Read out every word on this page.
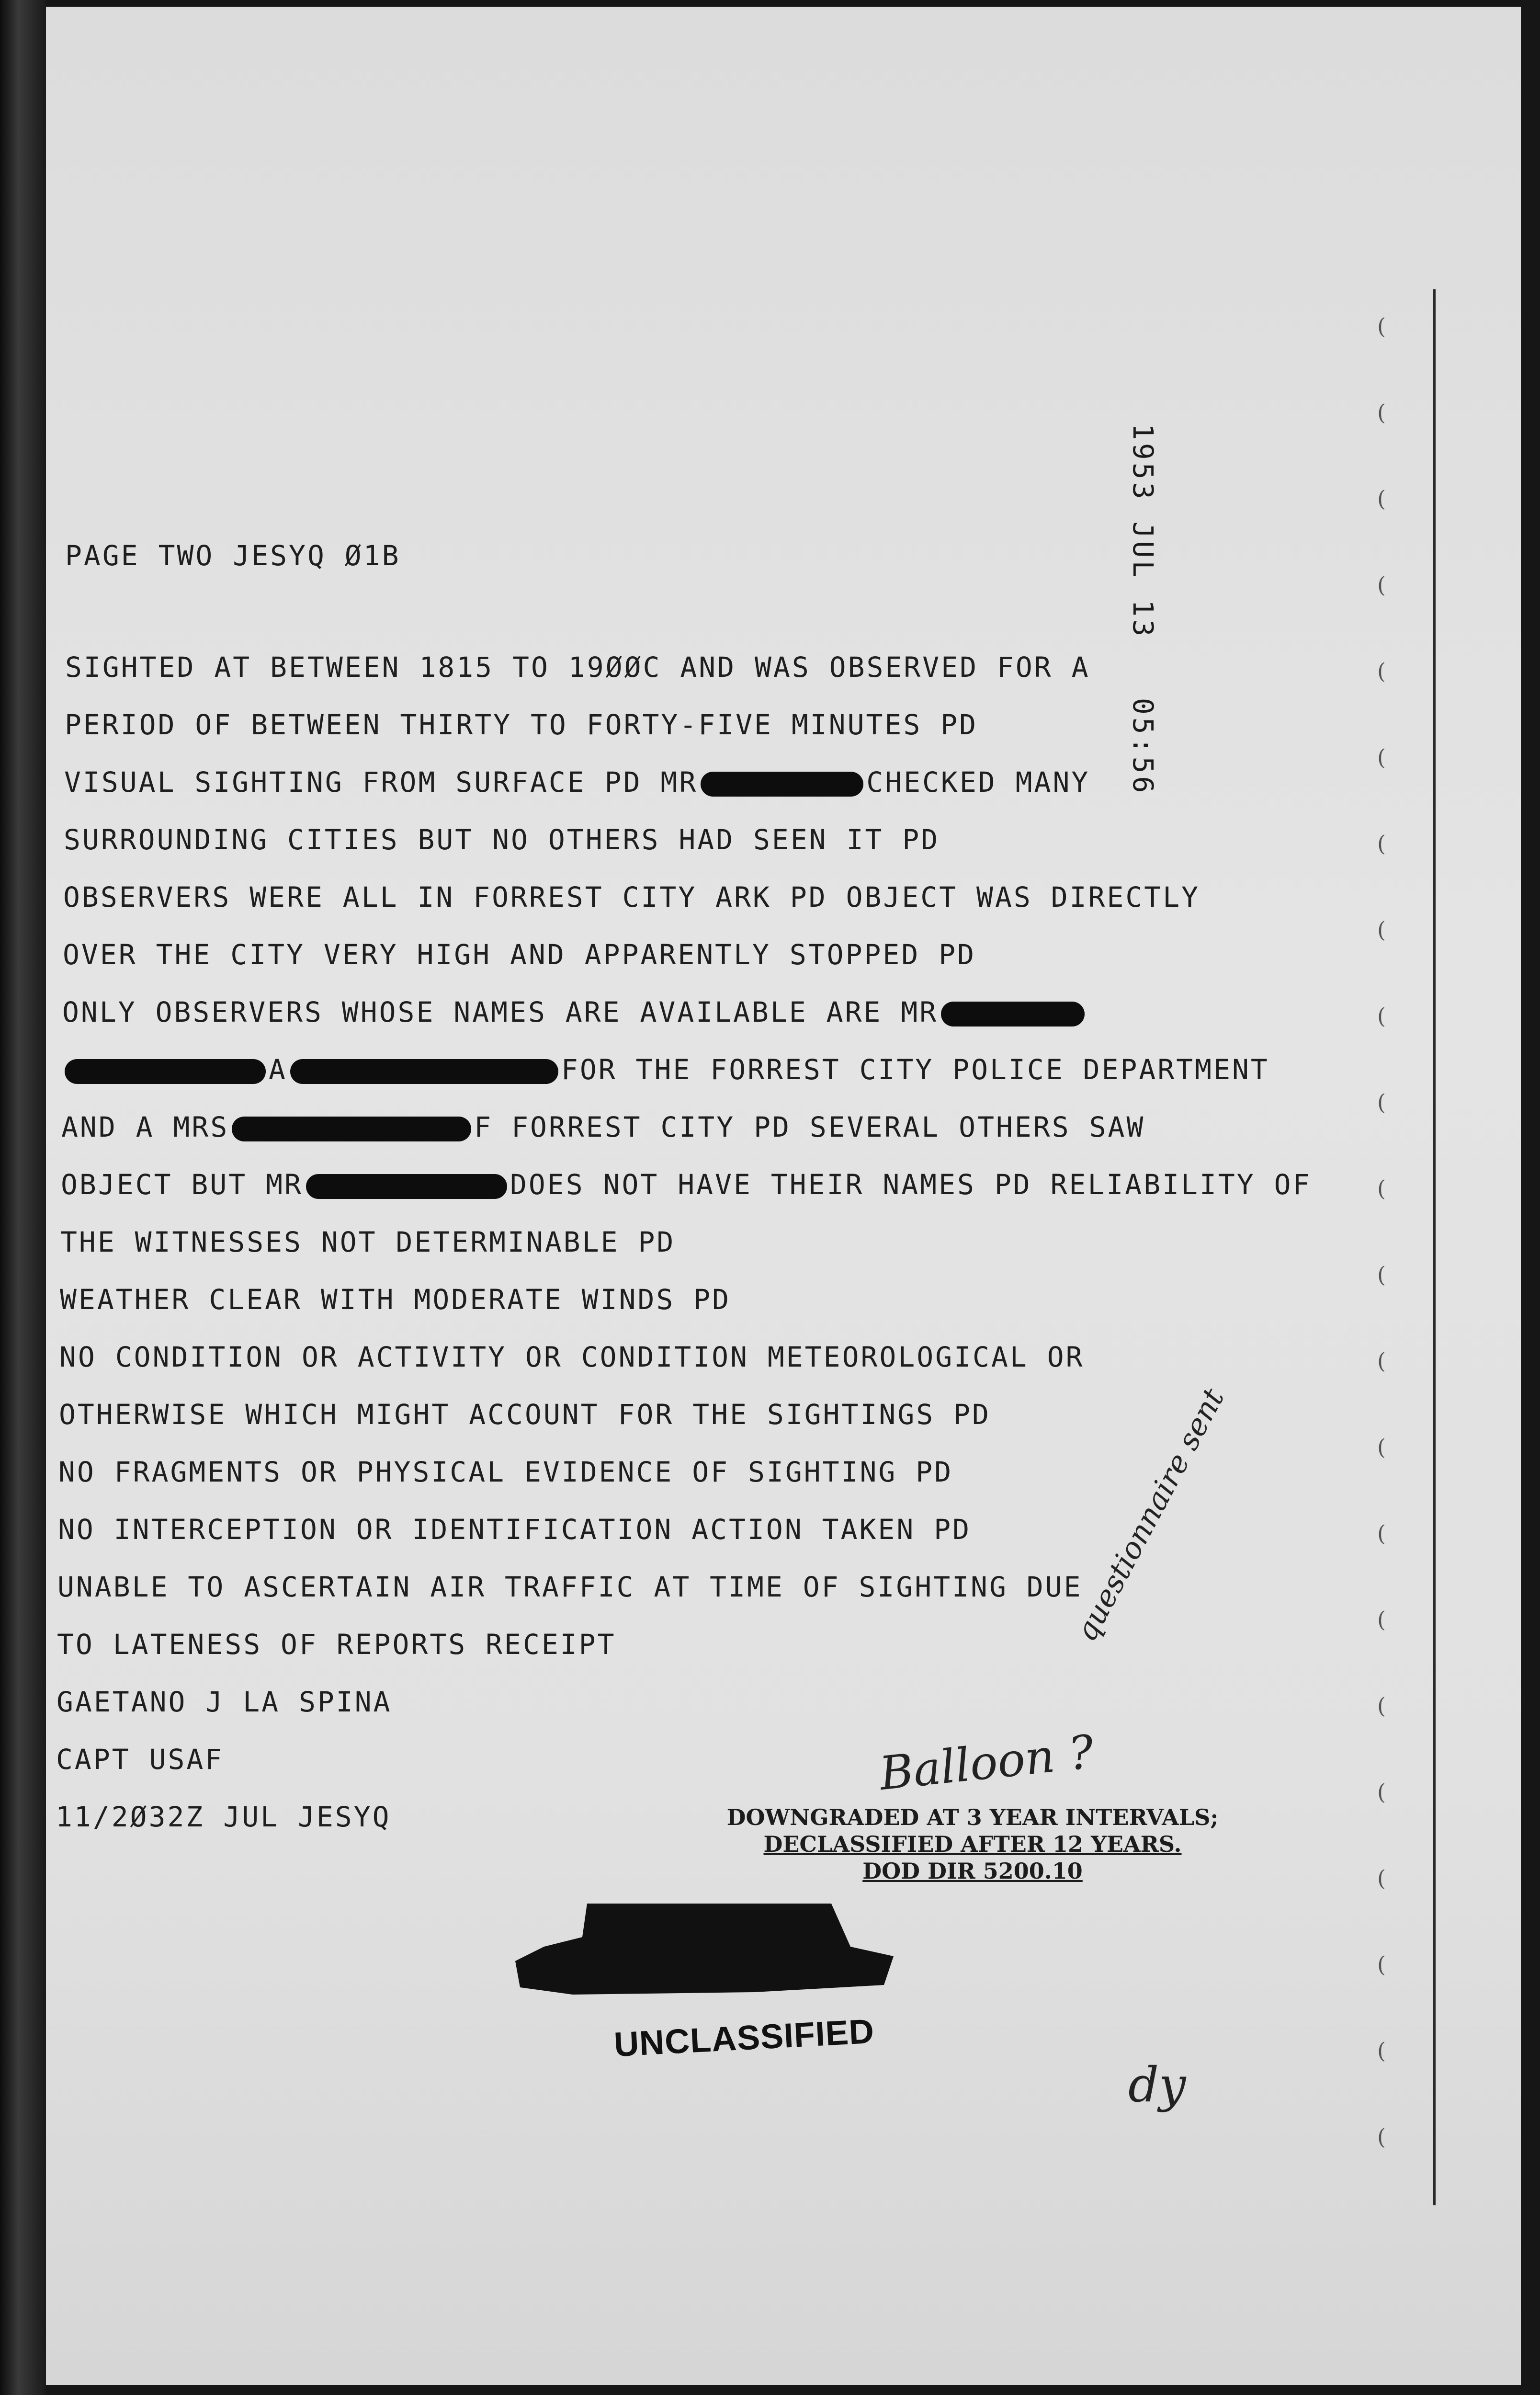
(
(
(
(
(
(
(
(
(
(
(
(
(
(
(
(
(
(
(
(
(
(
PAGE TWO JESYQ Ø1B	1953 JUL 13   05:56
SIGHTED AT BETWEEN 1815 TO 19ØØC AND WAS OBSERVED FOR A
PERIOD OF BETWEEN THIRTY TO FORTY-FIVE MINUTES PD
VISUAL SIGHTING FROM SURFACE PD MR	CHECKED MANY
SURROUNDING CITIES BUT NO OTHERS HAD SEEN IT PD
OBSERVERS WERE ALL IN FORREST CITY ARK PD OBJECT WAS DIRECTLY
OVER THE CITY VERY HIGH AND APPARENTLY STOPPED PD
ONLY OBSERVERS WHOSE NAMES ARE AVAILABLE ARE MR
A	FOR THE FORREST CITY POLICE DEPARTMENT
AND A MRS	F FORREST CITY PD SEVERAL OTHERS SAW
OBJECT BUT MR	DOES NOT HAVE THEIR NAMES PD RELIABILITY OF
THE WITNESSES NOT DETERMINABLE PD
WEATHER CLEAR WITH MODERATE WINDS PD
NO CONDITION OR ACTIVITY OR CONDITION METEOROLOGICAL OR
OTHERWISE WHICH MIGHT ACCOUNT FOR THE SIGHTINGS PD
NO FRAGMENTS OR PHYSICAL EVIDENCE OF SIGHTING PD
NO INTERCEPTION OR IDENTIFICATION ACTION TAKEN PD
UNABLE TO ASCERTAIN AIR TRAFFIC AT TIME OF SIGHTING DUE
TO LATENESS OF REPORTS RECEIPT
GAETANO J LA SPINA
CAPT USAF
11/2Ø32Z JUL JESYQ	DOWNGRADED AT 3 YEAR INTERVALS;
DECLASSIFIED AFTER 12 YEARS.
DOD DIR 5200.10
UNCLASSIFIED
questionnaire sent
Balloon ?
dy
